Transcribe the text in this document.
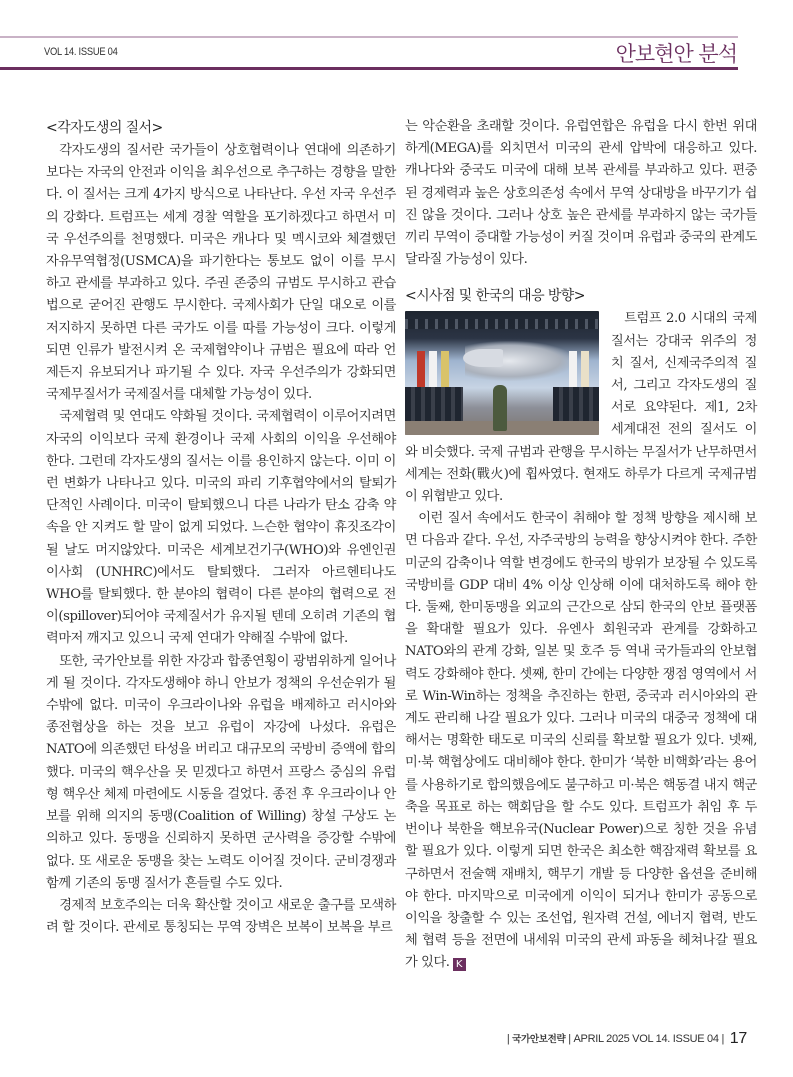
VOL 14. ISSUE 04	안보현안 분석
<각자도생의 질서>

각자도생의 질서란 국가들이 상호협력이나 연대에 의존하기보다는 자국의 안전과 이익을 최우선으로 추구하는 경향을 말한다. 이 질서는 크게 4가지 방식으로 나타난다. 우선 자국 우선주의 강화다. 트럼프는 세계 경찰 역할을 포기하겠다고 하면서 미국 우선주의를 천명했다. 미국은 캐나다 및 멕시코와 체결했던 자유무역협정(USMCA)을 파기한다는 통보도 없이 이를 무시하고 관세를 부과하고 있다. 주권 존중의 규범도 무시하고 관습법으로 굳어진 관행도 무시한다. 국제사회가 단일 대오로 이를 저지하지 못하면 다른 국가도 이를 따를 가능성이 크다. 이렇게 되면 인류가 발전시켜 온 국제협약이나 규범은 필요에 따라 언제든지 유보되거나 파기될 수 있다. 자국 우선주의가 강화되면 국제무질서가 국제질서를 대체할 가능성이 있다.

국제협력 및 연대도 약화될 것이다. 국제협력이 이루어지려면 자국의 이익보다 국제 환경이나 국제 사회의 이익을 우선해야 한다. 그런데 각자도생의 질서는 이를 용인하지 않는다. 이미 이런 변화가 나타나고 있다. 미국의 파리 기후협약에서의 탈퇴가 단적인 사례이다. 미국이 탈퇴했으니 다른 나라가 탄소 감축 약속을 안 지켜도 할 말이 없게 되었다. 느슨한 협약이 휴짓조각이 될 날도 머지않았다. 미국은 세계보건기구(WHO)와 유엔인권이사회 (UNHRC)에서도 탈퇴했다. 그러자 아르헨티나도 WHO를 탈퇴했다. 한 분야의 협력이 다른 분야의 협력으로 전이(spillover)되어야 국제질서가 유지될 텐데 오히려 기존의 협력마저 깨지고 있으니 국제 연대가 약해질 수밖에 없다.

또한, 국가안보를 위한 자강과 합종연횡이 광범위하게 일어나게 될 것이다. 각자도생해야 하니 안보가 정책의 우선순위가 될 수밖에 없다. 미국이 우크라이나와 유럽을 배제하고 러시아와 종전협상을 하는 것을 보고 유럽이 자강에 나섰다. 유럽은 NATO에 의존했던 타성을 버리고 대규모의 국방비 증액에 합의했다. 미국의 핵우산을 못 믿겠다고 하면서 프랑스 중심의 유럽형 핵우산 체제 마련에도 시동을 걸었다. 종전 후 우크라이나 안보를 위해 의지의 동맹(Coalition of Willing) 창설 구상도 논의하고 있다. 동맹을 신뢰하지 못하면 군사력을 증강할 수밖에 없다. 또 새로운 동맹을 찾는 노력도 이어질 것이다. 군비경쟁과 함께 기존의 동맹 질서가 흔들릴 수도 있다.

경제적 보호주의는 더욱 확산할 것이고 새로운 출구를 모색하려 할 것이다. 관세로 통칭되는 무역 장벽은 보복이 보복을 부르

는 악순환을 초래할 것이다. 유럽연합은 유럽을 다시 한번 위대하게(MEGA)를 외치면서 미국의 관세 압박에 대응하고 있다. 캐나다와 중국도 미국에 대해 보복 관세를 부과하고 있다. 편중된 경제력과 높은 상호의존성 속에서 무역 상대방을 바꾸기가 쉽진 않을 것이다. 그러나 상호 높은 관세를 부과하지 않는 국가들끼리 무역이 증대할 가능성이 커질 것이며 유럽과 중국의 관계도 달라질 가능성이 있다.

<시사점 및 한국의 대응 방향>

트럼프 2.0 시대의 국제질서는 강대국 위주의 정치 질서, 신제국주의적 질서, 그리고 각자도생의 질서로 요약된다. 제1, 2차 세계대전 전의 질서도 이와 비슷했다. 국제 규범과 관행을 무시하는 무질서가 난무하면서 세계는 전화(戰火)에 휩싸였다. 현재도 하루가 다르게 국제규범이 위협받고 있다.

이런 질서 속에서도 한국이 취해야 할 정책 방향을 제시해 보면 다음과 같다. 우선, 자주국방의 능력을 향상시켜야 한다. 주한미군의 감축이나 역할 변경에도 한국의 방위가 보장될 수 있도록 국방비를 GDP 대비 4% 이상 인상해 이에 대처하도록 해야 한다. 둘째, 한미동맹을 외교의 근간으로 삼되 한국의 안보 플랫폼을 확대할 필요가 있다. 유엔사 회원국과 관계를 강화하고 NATO와의 관계 강화, 일본 및 호주 등 역내 국가들과의 안보협력도 강화해야 한다. 셋째, 한미 간에는 다양한 쟁점 영역에서 서로 Win-Win하는 정책을 추진하는 한편, 중국과 러시아와의 관계도 관리해 나갈 필요가 있다. 그러나 미국의 대중국 정책에 대해서는 명확한 태도로 미국의 신뢰를 확보할 필요가 있다. 넷째, 미·북 핵협상에도 대비해야 한다. 한미가 ‘북한 비핵화’라는 용어를 사용하기로 합의했음에도 불구하고 미·북은 핵동결 내지 핵군축을 목표로 하는 핵회담을 할 수도 있다. 트럼프가 취임 후 두 번이나 북한을 핵보유국(Nuclear Power)으로 칭한 것을 유념할 필요가 있다. 이렇게 되면 한국은 최소한 핵잠재력 확보를 요구하면서 전술핵 재배치, 핵무기 개발 등 다양한 옵션을 준비해야 한다. 마지막으로 미국에게 이익이 되거나 한미가 공동으로 이익을 창출할 수 있는 조선업, 원자력 건설, 에너지 협력, 반도체 협력 등을 전면에 내세워 미국의 관세 파동을 헤쳐나갈 필요가 있다. K

| 국가안보전략 | APRIL 2025 VOL 14. ISSUE 04 | 17
